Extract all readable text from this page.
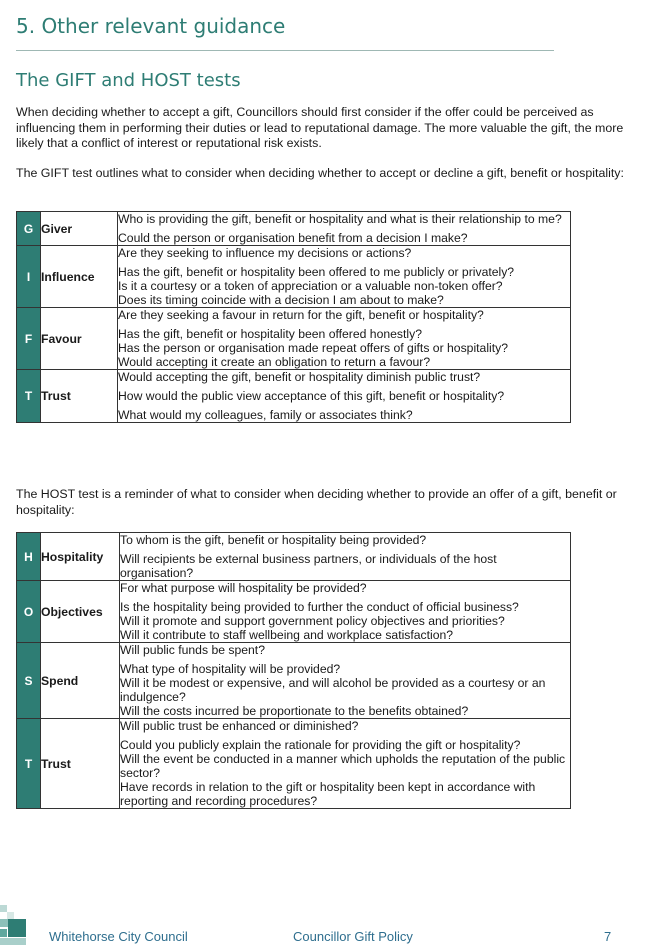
5. Other relevant guidance
The GIFT and HOST tests

When deciding whether to accept a gift, Councillors should first consider if the offer could be perceived as influencing them in performing their duties or lead to reputational damage. The more valuable the gift, the more likely that a conflict of interest or reputational risk exists.

The GIFT test outlines what to consider when deciding whether to accept or decline a gift, benefit or hospitality:

G	Giver	Who is providing the gift, benefit or hospitality and what is their relationship to me?
Could the person or organisation benefit from a decision I make?

I	Influence	Are they seeking to influence my decisions or actions?
Has the gift, benefit or hospitality been offered to me publicly or privately?
Is it a courtesy or a token of appreciation or a valuable non-token offer?
Does its timing coincide with a decision I am about to make?

F	Favour	Are they seeking a favour in return for the gift, benefit or hospitality?
Has the gift, benefit or hospitality been offered honestly?
Has the person or organisation made repeat offers of gifts or hospitality?
Would accepting it create an obligation to return a favour?

T	Trust	Would accepting the gift, benefit or hospitality diminish public trust?
How would the public view acceptance of this gift, benefit or hospitality?
What would my colleagues, family or associates think?

The HOST test is a reminder of what to consider when deciding whether to provide an offer of a gift, benefit or hospitality:

H	Hospitality	To whom is the gift, benefit or hospitality being provided?
Will recipients be external business partners, or individuals of the host organisation?

O	Objectives	For what purpose will hospitality be provided?
Is the hospitality being provided to further the conduct of official business?
Will it promote and support government policy objectives and priorities?
Will it contribute to staff wellbeing and workplace satisfaction?

S	Spend	Will public funds be spent?
What type of hospitality will be provided?
Will it be modest or expensive, and will alcohol be provided as a courtesy or an indulgence?
Will the costs incurred be proportionate to the benefits obtained?

T	Trust	Will public trust be enhanced or diminished?
Could you publicly explain the rationale for providing the gift or hospitality?
Will the event be conducted in a manner which upholds the reputation of the public sector?
Have records in relation to the gift or hospitality been kept in accordance with reporting and recording procedures?
Whitehorse City Council	Councillor Gift Policy	7
